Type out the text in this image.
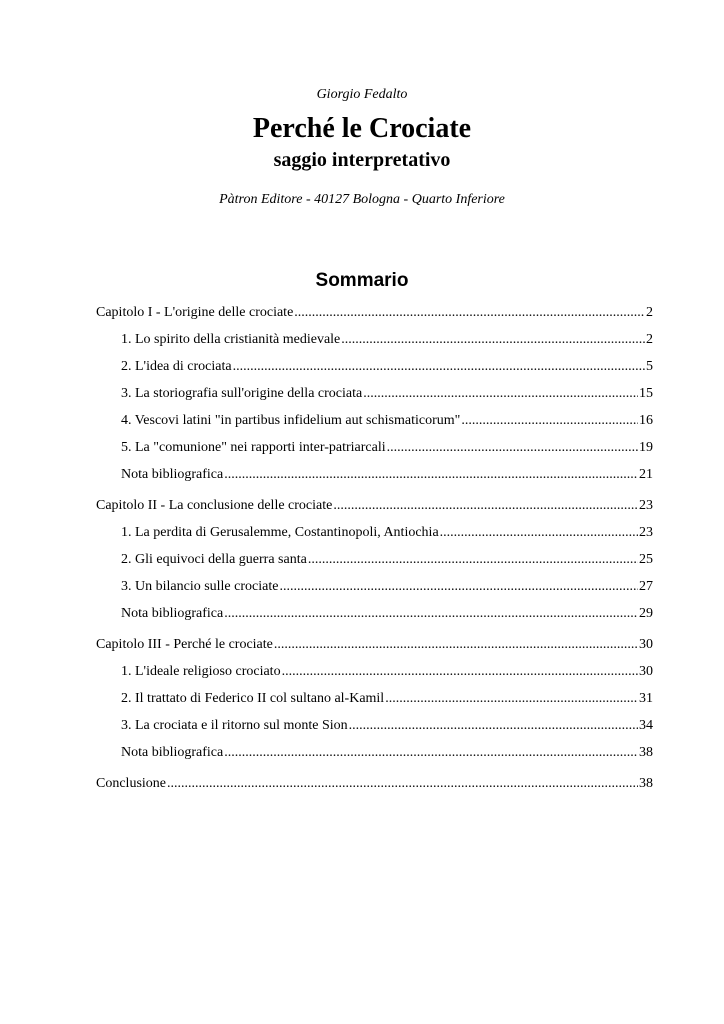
Giorgio Fedalto
Perché le Crociate
saggio interpretativo
Pàtron Editore - 40127 Bologna - Quarto Inferiore
Sommario
Capitolo I - L'origine delle crociate .....	2
1. Lo spirito della cristianità medievale .....	2
2. L'idea di crociata .....	5
3. La storiografia sull'origine della crociata .....	15
4. Vescovi latini "in partibus infidelium aut schismaticorum" .....	16
5. La "comunione" nei rapporti inter-patriarcali .....	19
Nota bibliografica .....	21
Capitolo II - La conclusione delle crociate .....	23
1. La perdita di Gerusalemme, Costantinopoli, Antiochia .....	23
2. Gli equivoci della guerra santa .....	25
3. Un bilancio sulle crociate .....	27
Nota bibliografica .....	29
Capitolo III - Perché le crociate .....	30
1. L'ideale religioso crociato .....	30
2. Il trattato di Federico II col sultano al-Kamil .....	31
3. La crociata e il ritorno sul monte Sion .....	34
Nota bibliografica .....	38
Conclusione .....	38
